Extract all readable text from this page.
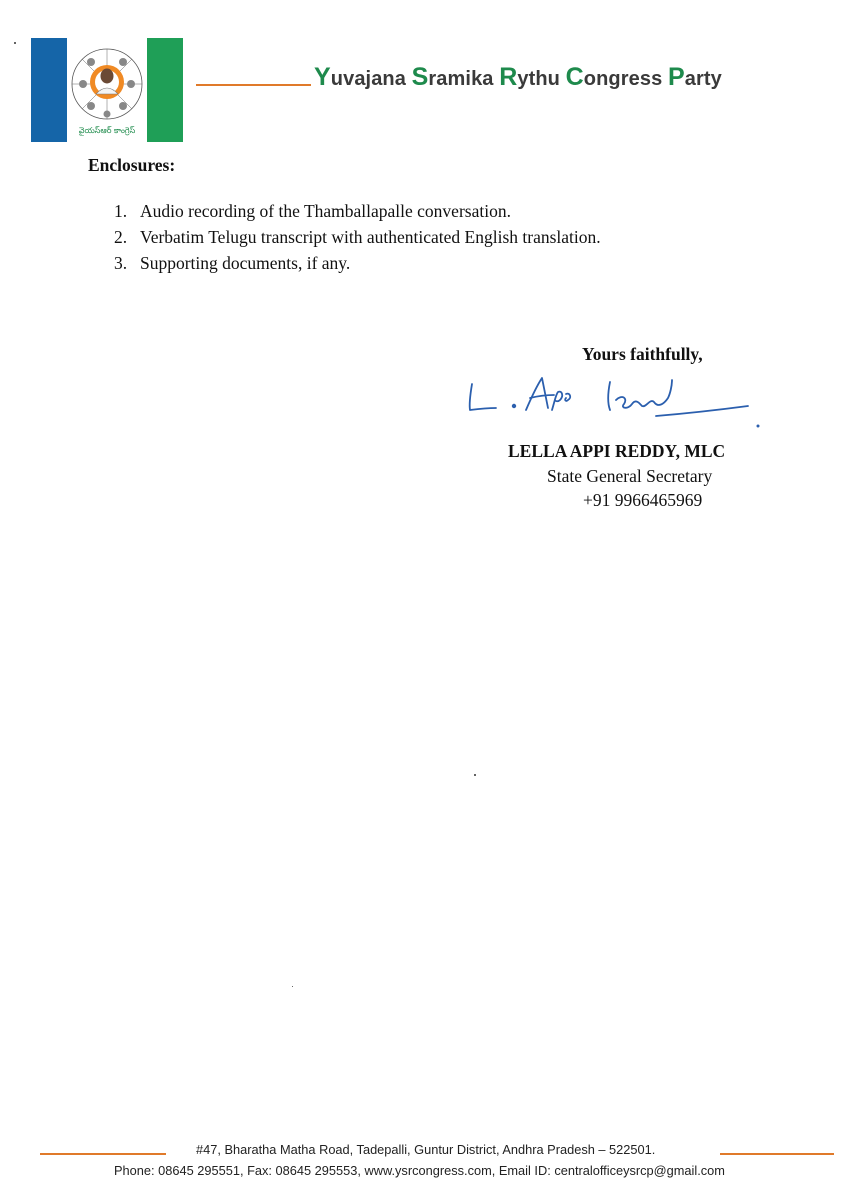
వైయస్ఆర్ కాంగ్రెస్
Yuvajana Sramika Rythu Congress Party
Enclosures:
1. Audio recording of the Thamballapalle conversation.
2. Verbatim Telugu transcript with authenticated English translation.
3. Supporting documents, if any.
Yours faithfully,
LELLA APPI REDDY, MLC
State General Secretary
+91 9966465969
#47, Bharatha Matha Road, Tadepalli, Guntur District, Andhra Pradesh – 522501.
Phone: 08645 295551, Fax: 08645 295553, www.ysrcongress.com, Email ID: centralofficeysrcp@gmail.com
